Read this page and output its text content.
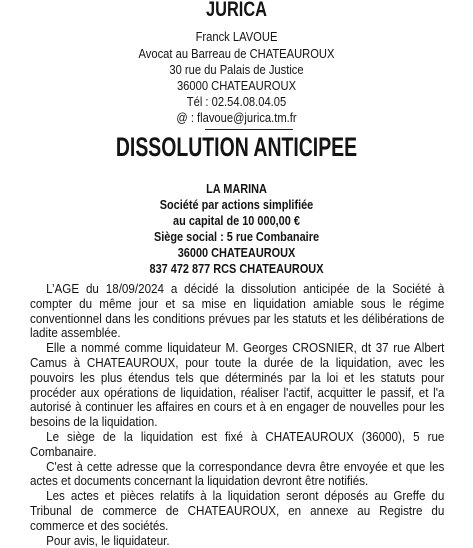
JURICA
Franck LAVOUE
Avocat au Barreau de CHATEAUROUX
30 rue du Palais de Justice
36000 CHATEAUROUX
Tél : 02.54.08.04.05
@ : flavoue@jurica.tm.fr
DISSOLUTION ANTICIPEE
LA MARINA
Société par actions simplifiée
au capital de 10 000,00 €
Siège social : 5 rue Combanaire
36000 CHATEAUROUX
837 472 877 RCS CHATEAUROUX

L’AGE du 18/09/2024 a décidé la dissolution anticipée de la Société à compter du même jour et sa mise en liquidation amiable sous le régime conventionnel dans les conditions prévues par les statuts et les délibérations de ladite assemblée.

Elle a nommé comme liquidateur M. Georges CROSNIER, dt 37 rue Albert Camus à CHATEAUROUX, pour toute la durée de la liquidation, avec les pouvoirs les plus étendus tels que déterminés par la loi et les statuts pour procéder aux opérations de liquidation, réaliser l'actif, acquitter le passif, et l'a autorisé à continuer les affaires en cours et à en engager de nouvelles pour les besoins de la liquidation.

Le siège de la liquidation est fixé à CHATEAUROUX (36000), 5 rue Combanaire.

C'est à cette adresse que la correspondance devra être envoyée et que les actes et documents concernant la liquidation devront être notifiés.

Les actes et pièces relatifs à la liquidation seront déposés au Greffe du Tribunal de commerce de CHATEAUROUX, en annexe au Registre du commerce et des sociétés.

Pour avis, le liquidateur.
